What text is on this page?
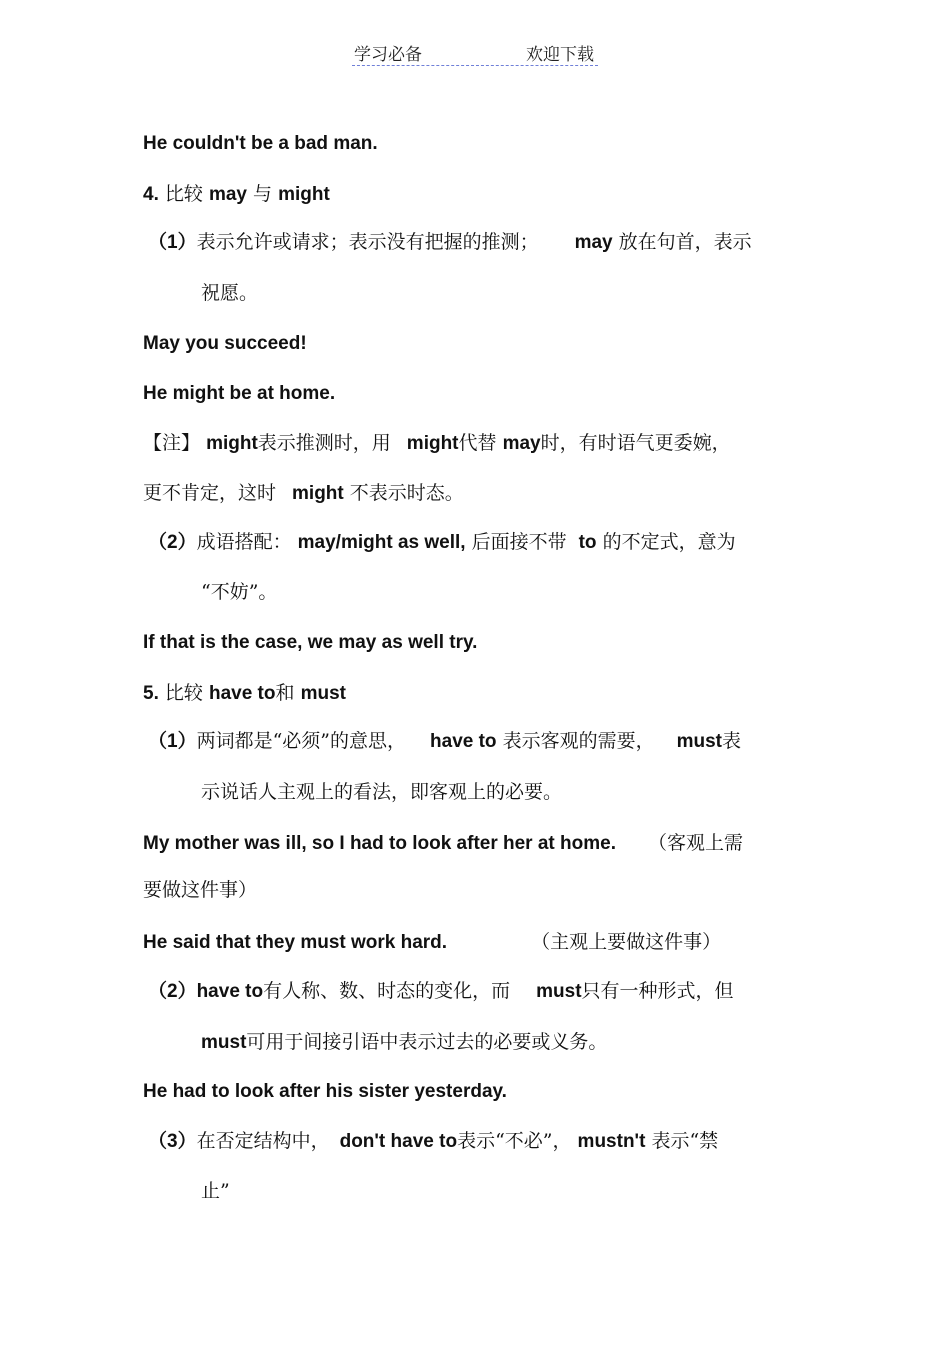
学习必备	欢迎下载
He couldn't be a bad man.
4. 比较 may 与 might
（1）表示允许或请求；表示没有把握的推测； may 放在句首，表示
祝愿。
May you succeed!
He might be at home.
【注】 might表示推测时，用 might代替 may时，有时语气更委婉，
更不肯定，这时 might 不表示时态。
（2）成语搭配： may/might as well, 后面接不带 to 的不定式，意为
“不妨”。
If that is the case, we may as well try.
5. 比较 have to和 must
（1）两词都是“必须”的意思， have to 表示客观的需要， must表
示说话人主观上的看法，即客观上的必要。
My mother was ill, so I had to look after her at home. （客观上需
要做这件事）
He said that they must work hard.	（主观上要做这件事）
（2）have to有人称、数、时态的变化，而 must只有一种形式，但
must可用于间接引语中表示过去的必要或义务。
He had to look after his sister yesterday.
（3）在否定结构中， don't have to表示“不必”， mustn't 表示“禁
止”
